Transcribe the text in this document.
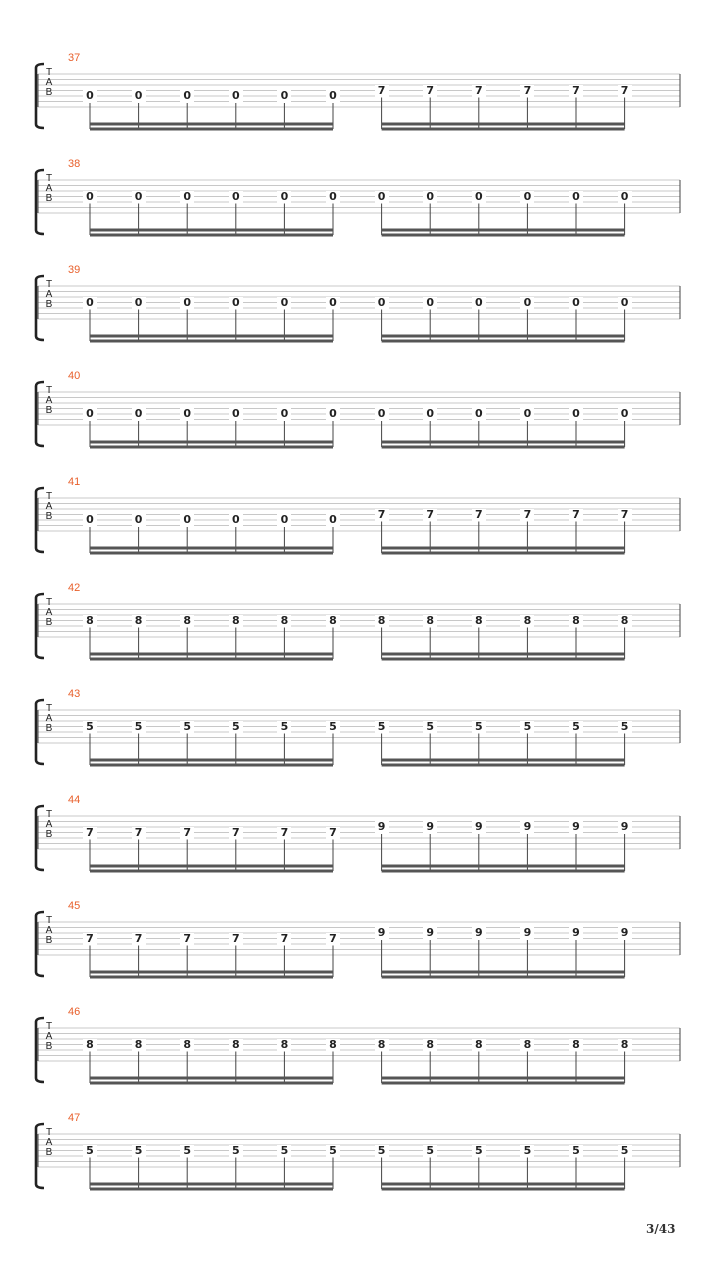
37
T
A
B	0	0	0	0	0	0	7	7	7	7	7	7
38
T
A
B	0	0	0	0	0	0	0	0	0	0	0	0
39
T
A
B	0	0	0	0	0	0	0	0	0	0	0	0
40
T
A
B	0	0	0	0	0	0	0	0	0	0	0	0
41
T
A
B	0	0	0	0	0	0	7	7	7	7	7	7
42
T
A
B	8	8	8	8	8	8	8	8	8	8	8	8
43
T
A
B	5	5	5	5	5	5	5	5	5	5	5	5
44
T
A
B	7	7	7	7	7	7	9	9	9	9	9	9
45
T
A
B	7	7	7	7	7	7	9	9	9	9	9	9
46
T
A
B	8	8	8	8	8	8	8	8	8	8	8	8
47
T
A
B	5	5	5	5	5	5	5	5	5	5	5	5
3/43
